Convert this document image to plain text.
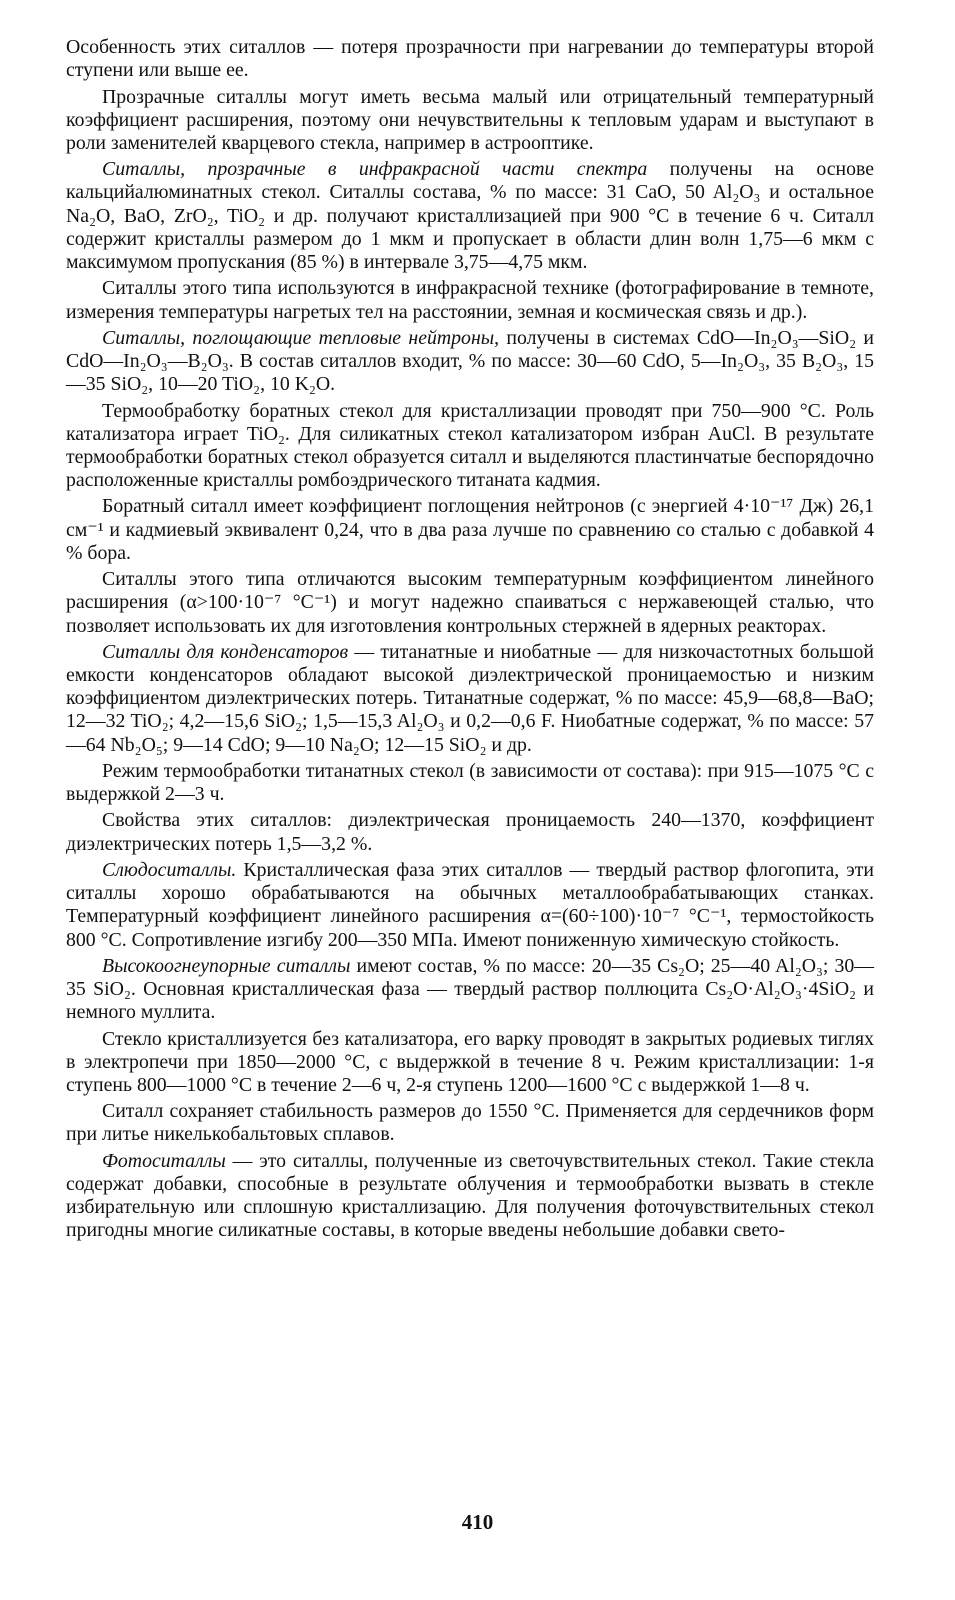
Особенность этих ситаллов — потеря прозрачности при нагревании до температуры второй ступени или выше ее.

Прозрачные ситаллы могут иметь весьма малый или отрицательный температурный коэффициент расширения, поэтому они нечувствительны к тепловым ударам и выступают в роли заменителей кварцевого стекла, например в астрооптике.

Ситаллы, прозрачные в инфракрасной части спектра получены на основе кальцийалюминатных стекол. Ситаллы состава, % по массе: 31 CaO, 50 Al₂O₃ и остальное Na₂O, BaO, ZrO₂, TiO₂ и др. получают кристаллизацией при 900 °C в течение 6 ч. Ситалл содержит кристаллы размером до 1 мкм и пропускает в области длин волн 1,75—6 мкм с максимумом пропускания (85 %) в интервале 3,75—4,75 мкм.

Ситаллы этого типа используются в инфракрасной технике (фотографирование в темноте, измерения температуры нагретых тел на расстоянии, земная и космическая связь и др.).

Ситаллы, поглощающие тепловые нейтроны, получены в системах CdO—In₂O₃—SiO₂ и CdO—In₂O₃—B₂O₃. В состав ситаллов входит, % по массе: 30—60 CdO, 5—In₂O₃, 35 B₂O₃, 15—35 SiO₂, 10—20 TiO₂, 10 K₂O.

Термообработку боратных стекол для кристаллизации проводят при 750—900 °C. Роль катализатора играет TiO₂. Для силикатных стекол катализатором избран AuCl. В результате термообработки боратных стекол образуется ситалл и выделяются пластинчатые беспорядочно расположенные кристаллы ромбоэдрического титаната кадмия.

Боратный ситалл имеет коэффициент поглощения нейтронов (с энергией 4·10⁻¹⁷ Дж) 26,1 см⁻¹ и кадмиевый эквивалент 0,24, что в два раза лучше по сравнению со сталью с добавкой 4 % бора.

Ситаллы этого типа отличаются высоким температурным коэффициентом линейного расширения (α>100·10⁻⁷ °C⁻¹) и могут надежно спаиваться с нержавеющей сталью, что позволяет использовать их для изготовления контрольных стержней в ядерных реакторах.

Ситаллы для конденсаторов — титанатные и ниобатные — для низкочастотных большой емкости конденсаторов обладают высокой диэлектрической проницаемостью и низким коэффициентом диэлектрических потерь. Титанатные содержат, % по массе: 45,9—68,8—BaO; 12—32 TiO₂; 4,2—15,6 SiO₂; 1,5—15,3 Al₂O₃ и 0,2—0,6 F. Ниобатные содержат, % по массе: 57—64 Nb₂O₅; 9—14 CdO; 9—10 Na₂O; 12—15 SiO₂ и др.

Режим термообработки титанатных стекол (в зависимости от состава): при 915—1075 °C с выдержкой 2—3 ч.

Свойства этих ситаллов: диэлектрическая проницаемость 240—1370, коэффициент диэлектрических потерь 1,5—3,2 %.

Слюдоситаллы. Кристаллическая фаза этих ситаллов — твердый раствор флогопита, эти ситаллы хорошо обрабатываются на обычных металлообрабатывающих станках. Температурный коэффициент линейного расширения α=(60÷100)·10⁻⁷ °C⁻¹, термостойкость 800 °C. Сопротивление изгибу 200—350 МПа. Имеют пониженную химическую стойкость.

Высокоогнеупорные ситаллы имеют состав, % по массе: 20—35 Cs₂O; 25—40 Al₂O₃; 30—35 SiO₂. Основная кристаллическая фаза — твердый раствор поллюцита Cs₂O·Al₂O₃·4SiO₂ и немного муллита.

Стекло кристаллизуется без катализатора, его варку проводят в закрытых родиевых тиглях в электропечи при 1850—2000 °C, с выдержкой в течение 8 ч. Режим кристаллизации: 1-я ступень 800—1000 °C в течение 2—6 ч, 2-я ступень 1200—1600 °C с выдержкой 1—8 ч.

Ситалл сохраняет стабильность размеров до 1550 °C. Применяется для сердечников форм при литье никелькобальтовых сплавов.

Фотоситаллы — это ситаллы, полученные из светочувствительных стекол. Такие стекла содержат добавки, способные в результате облучения и термообработки вызвать в стекле избирательную или сплошную кристаллизацию. Для получения фоточувствительных стекол пригодны многие силикатные составы, в которые введены небольшие добавки свето-

410
